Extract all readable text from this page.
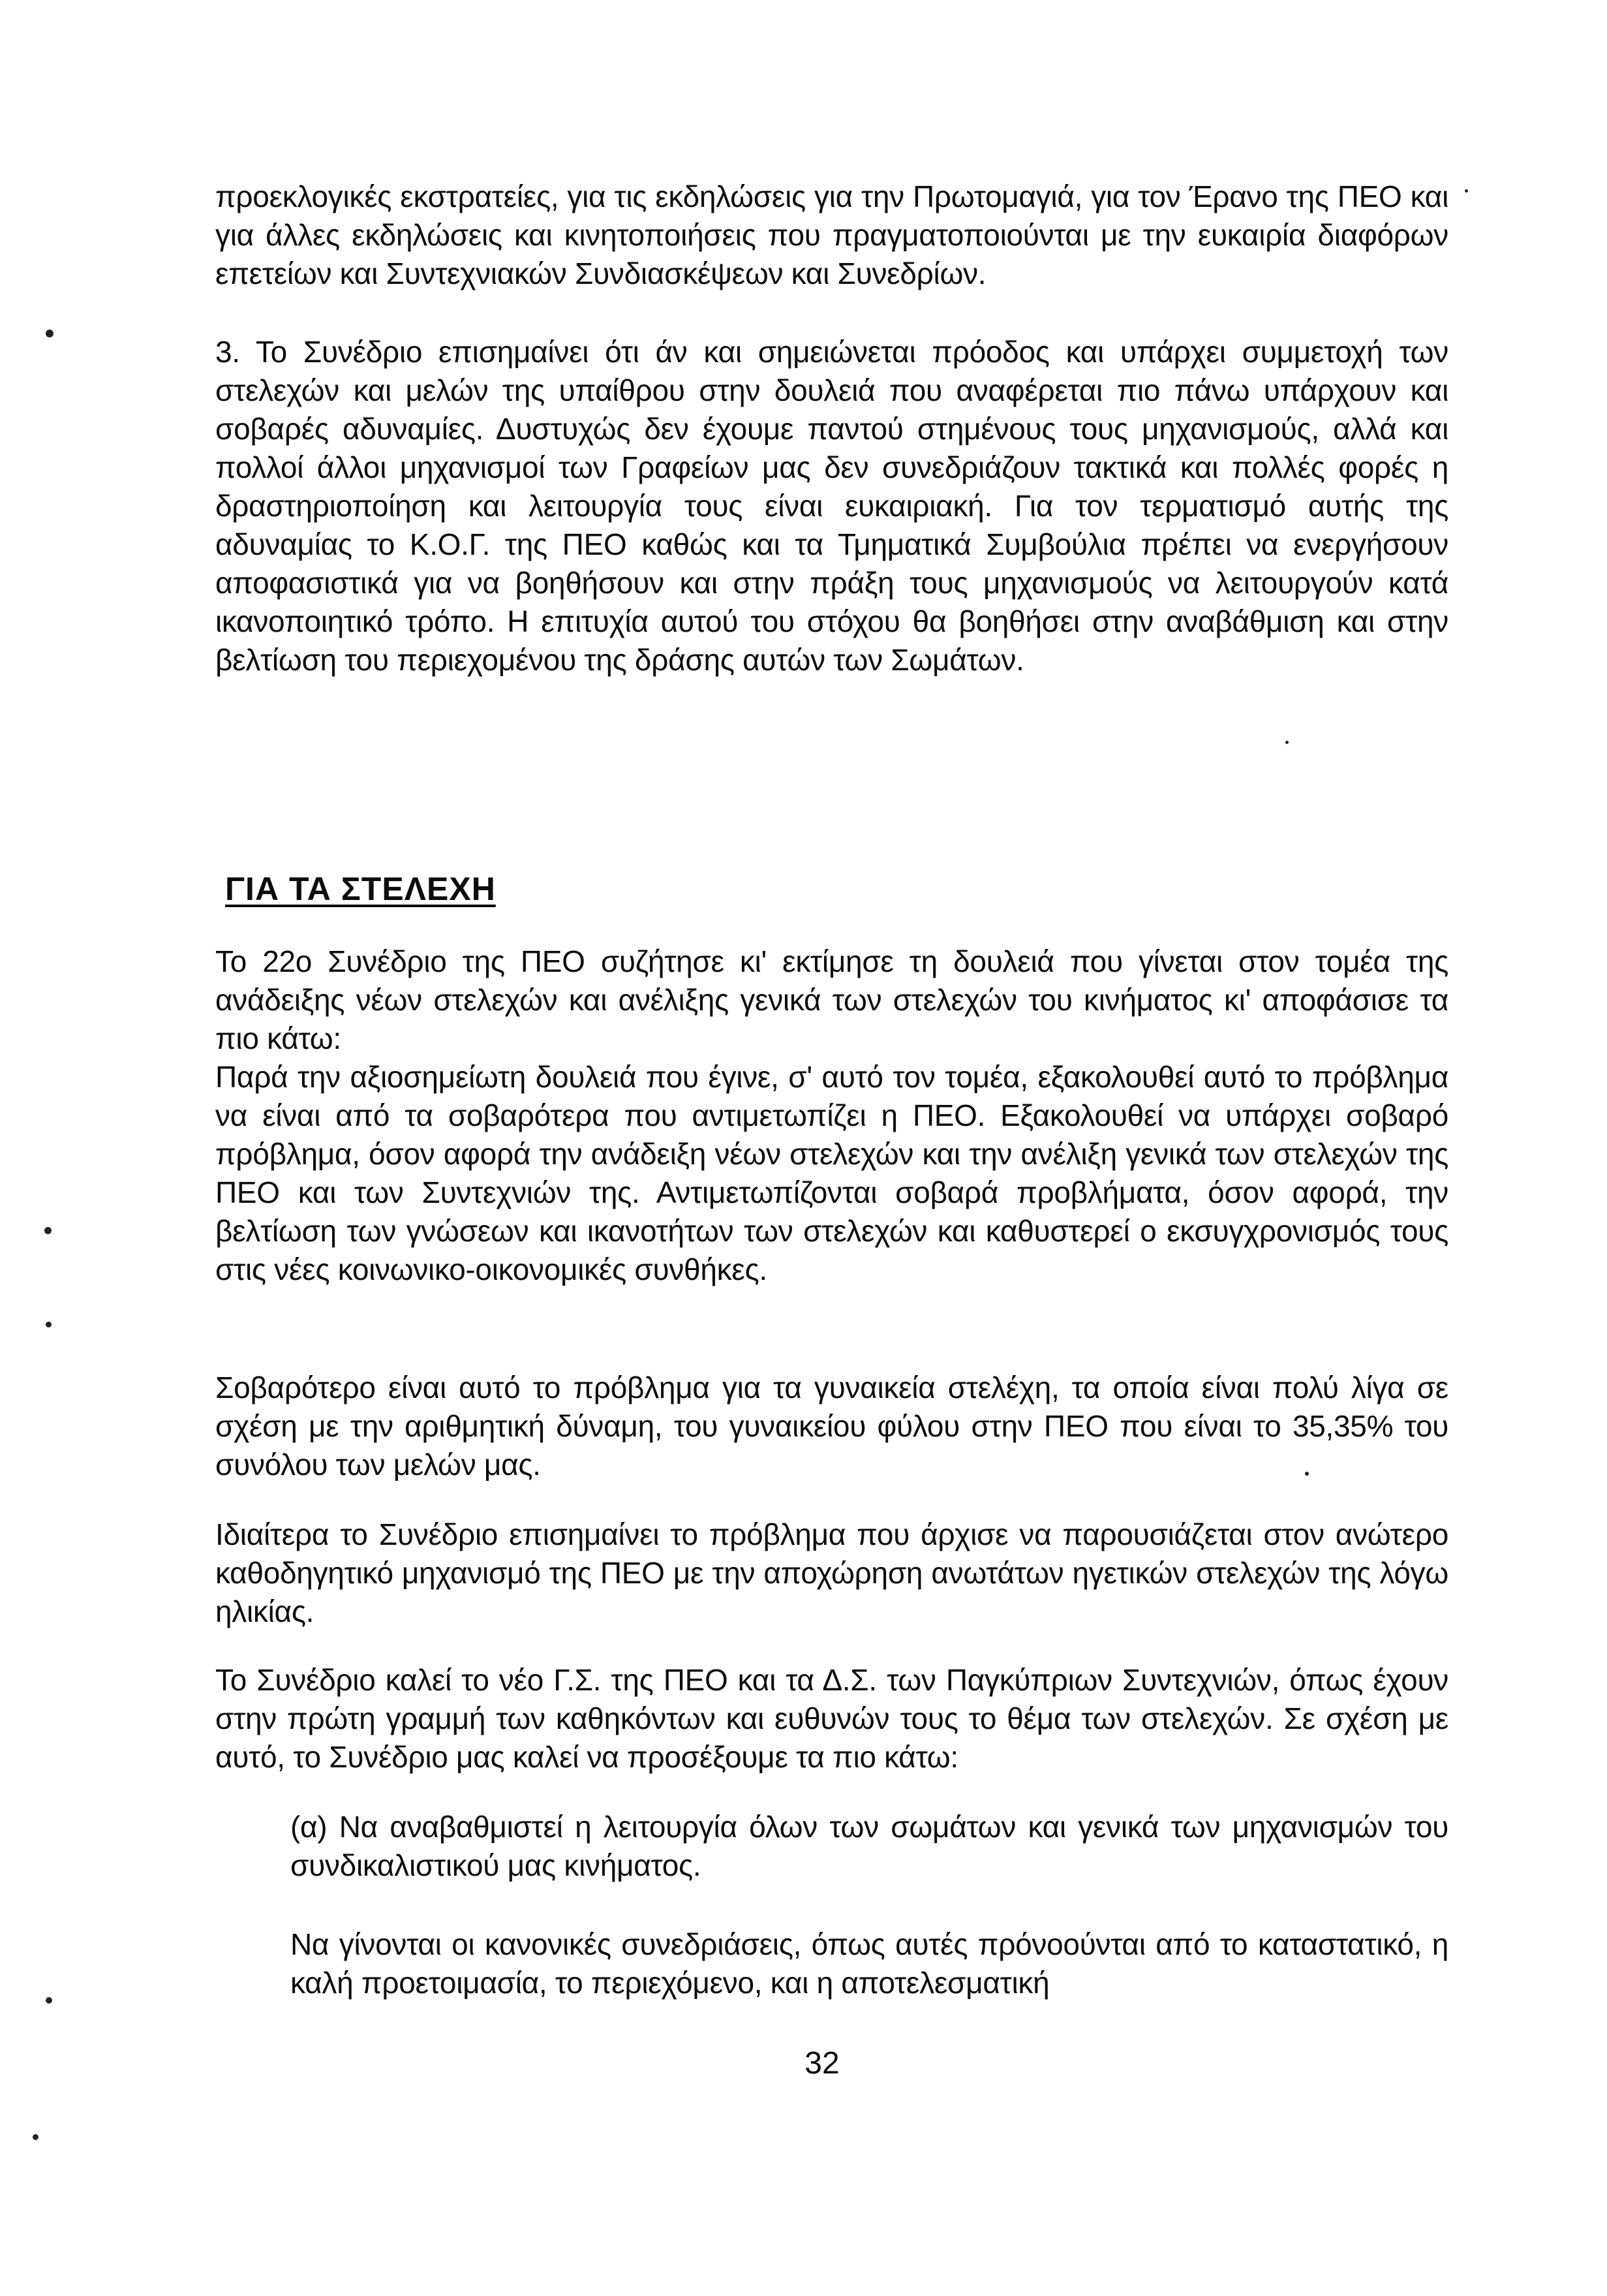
προεκλογικές εκστρατείες, για τις εκδηλώσεις για την Πρωτομαγιά, για τον Έρανο της ΠΕΟ και για άλλες εκδηλώσεις και κινητοποιήσεις που πραγματοποιούνται με την ευκαιρία διαφόρων επετείων και Συντεχνιακών Συνδιασκέψεων και Συνεδρίων.

3. Το Συνέδριο επισημαίνει ότι άν και σημειώνεται πρόοδος και υπάρχει συμμετοχή των στελεχών και μελών της υπαίθρου στην δουλειά που αναφέρεται πιο πάνω υπάρχουν και σοβαρές αδυναμίες. Δυστυχώς δεν έχουμε παντού στημένους τους μηχανισμούς, αλλά και πολλοί άλλοι μηχανισμοί των Γραφείων μας δεν συνεδριάζουν τακτικά και πολλές φορές η δραστηριοποίηση και λειτουργία τους είναι ευκαιριακή. Για τον τερματισμό αυτής της αδυναμίας το Κ.Ο.Γ. της ΠΕΟ καθώς και τα Τμηματικά Συμβούλια πρέπει να ενεργήσουν αποφασιστικά για να βοηθήσουν και στην πράξη τους μηχανισμούς να λειτουργούν κατά ικανοποιητικό τρόπο. Η επιτυχία αυτού του στόχου θα βοηθήσει στην αναβάθμιση και στην βελτίωση του περιεχομένου της δράσης αυτών των Σωμάτων.

ΓΙΑ ΤΑ ΣΤΕΛΕΧΗ

Το 22ο Συνέδριο της ΠΕΟ συζήτησε κι' εκτίμησε τη δουλειά που γίνεται στον τομέα της ανάδειξης νέων στελεχών και ανέλιξης γενικά των στελεχών του κινήματος κι' αποφάσισε τα πιο κάτω:

Παρά την αξιοσημείωτη δουλειά που έγινε, σ' αυτό τον τομέα, εξακολουθεί αυτό το πρόβλημα να είναι από τα σοβαρότερα που αντιμετωπίζει η ΠΕΟ. Εξακολουθεί να υπάρχει σοβαρό πρόβλημα, όσον αφορά την ανάδειξη νέων στελεχών και την ανέλιξη γενικά των στελεχών της ΠΕΟ και των Συντεχνιών της. Αντιμετωπίζονται σοβαρά προβλήματα, όσον αφορά, την βελτίωση των γνώσεων και ικανοτήτων των στελεχών και καθυστερεί ο εκσυγχρονισμός τους στις νέες κοινωνικο-οικονομικές συνθήκες.

Σοβαρότερο είναι αυτό το πρόβλημα για τα γυναικεία στελέχη, τα οποία είναι πολύ λίγα σε σχέση με την αριθμητική δύναμη, του γυναικείου φύλου στην ΠΕΟ που είναι το 35,35% του συνόλου των μελών μας.

Ιδιαίτερα το Συνέδριο επισημαίνει το πρόβλημα που άρχισε να παρουσιάζεται στον ανώτερο καθοδηγητικό μηχανισμό της ΠΕΟ με την αποχώρηση ανωτάτων ηγετικών στελεχών της λόγω ηλικίας.

Το Συνέδριο καλεί το νέο Γ.Σ. της ΠΕΟ και τα Δ.Σ. των Παγκύπριων Συντεχνιών, όπως έχουν στην πρώτη γραμμή των καθηκόντων και ευθυνών τους το θέμα των στελεχών. Σε σχέση με αυτό, το Συνέδριο μας καλεί να προσέξουμε τα πιο κάτω:

(α) Να αναβαθμιστεί η λειτουργία όλων των σωμάτων και γενικά των μηχανισμών του συνδικαλιστικού μας κινήματος.

Να γίνονται οι κανονικές συνεδριάσεις, όπως αυτές πρόνοούνται από το καταστατικό, η καλή προετοιμασία, το περιεχόμενο, και η αποτελεσματική

32
